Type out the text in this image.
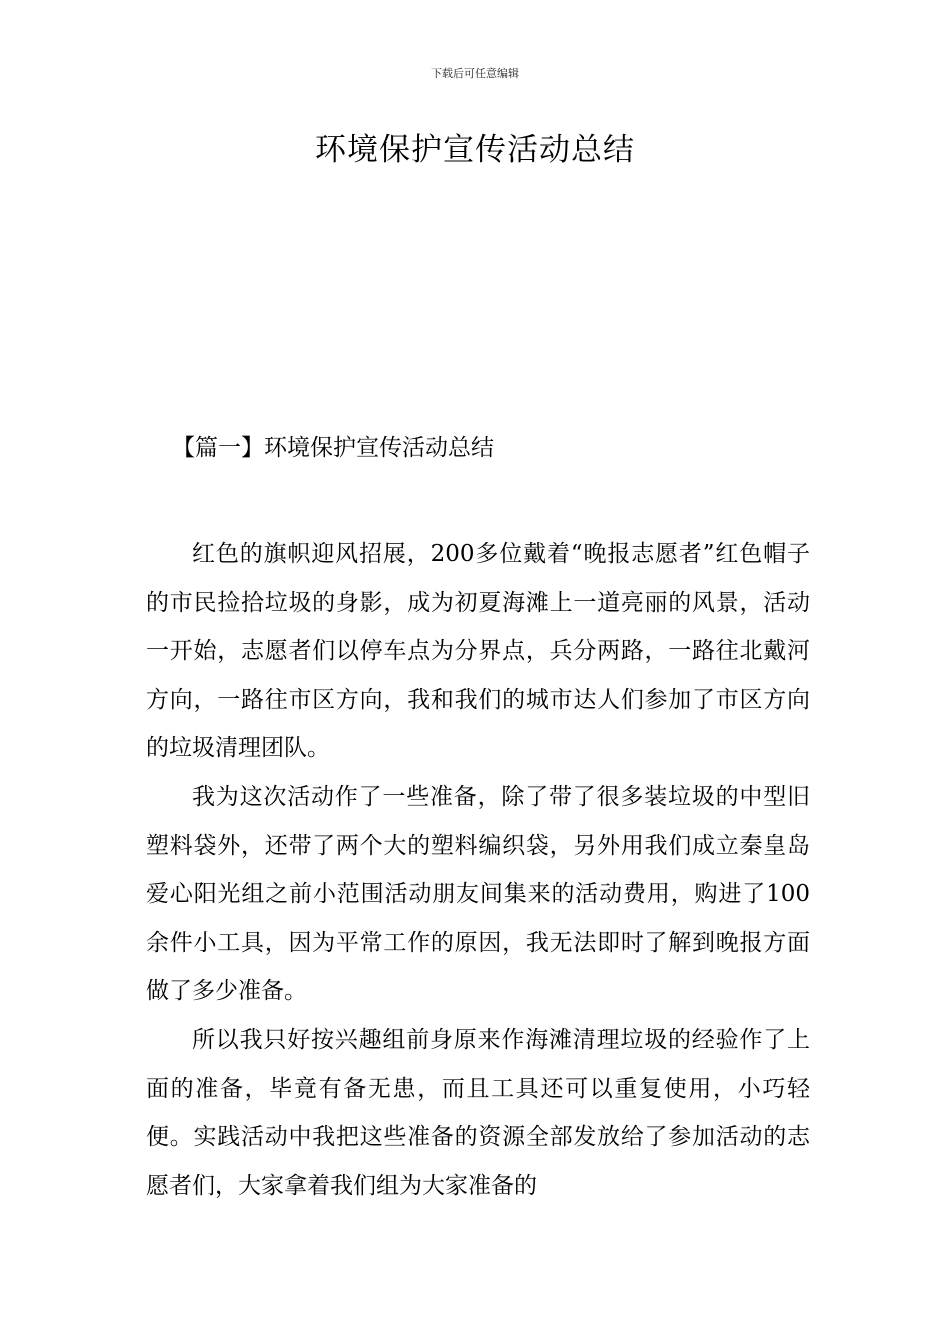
下载后可任意编辑
环境保护宣传活动总结
【篇一】环境保护宣传活动总结

红色的旗帜迎风招展，200多位戴着“晚报志愿者”红色帽子的市民捡拾垃圾的身影，成为初夏海滩上一道亮丽的风景，活动一开始，志愿者们以停车点为分界点，兵分两路，一路往北戴河方向，一路往市区方向，我和我们的城市达人们参加了市区方向的垃圾清理团队。

我为这次活动作了一些准备，除了带了很多装垃圾的中型旧塑料袋外，还带了两个大的塑料编织袋，另外用我们成立秦皇岛爱心阳光组之前小范围活动朋友间集来的活动费用，购进了100余件小工具，因为平常工作的原因，我无法即时了解到晚报方面做了多少准备。

所以我只好按兴趣组前身原来作海滩清理垃圾的经验作了上面的准备，毕竟有备无患，而且工具还可以重复使用，小巧轻便。实践活动中我把这些准备的资源全部发放给了参加活动的志愿者们，大家拿着我们组为大家准备的
